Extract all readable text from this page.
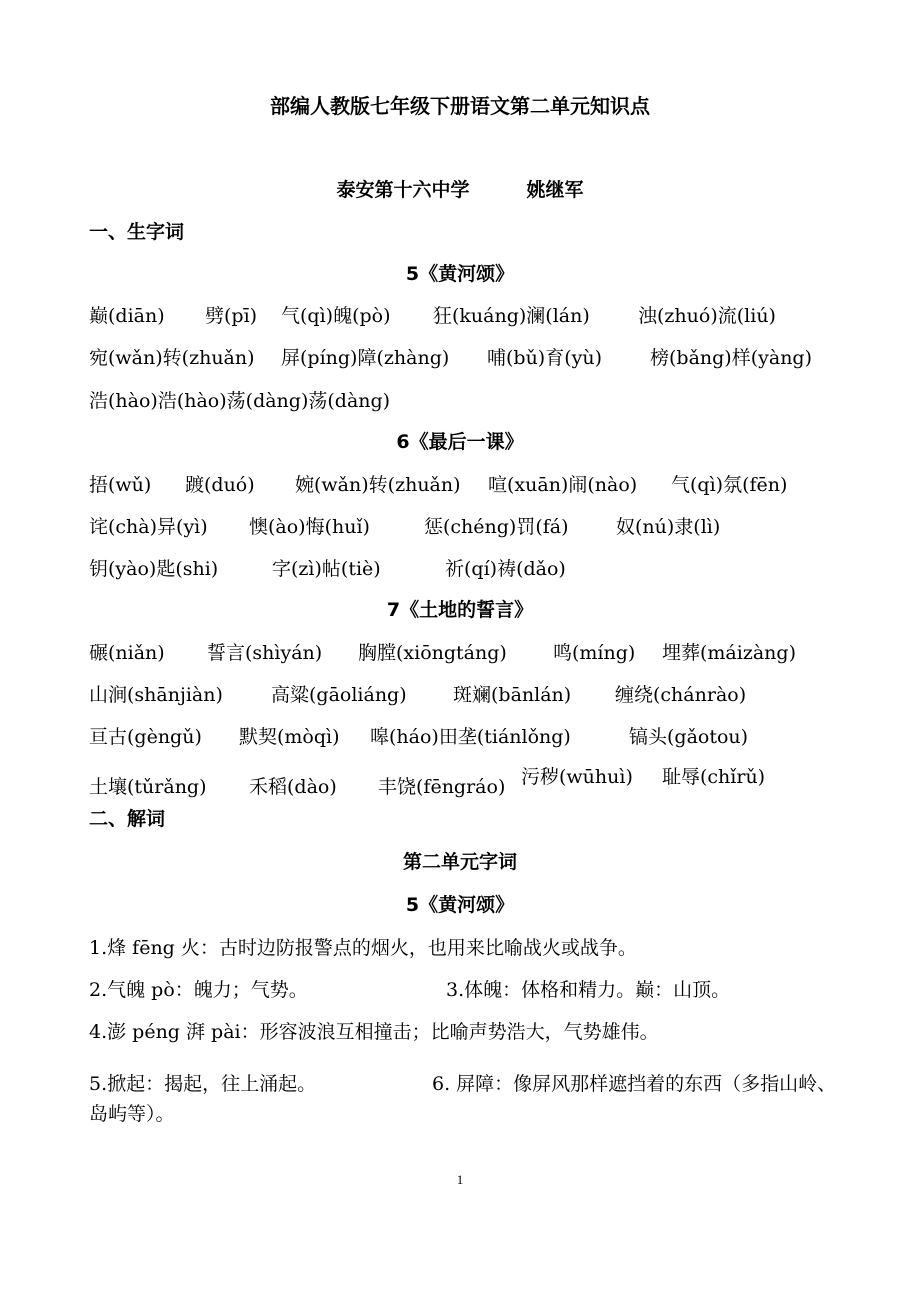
部编人教版七年级下册语文第二单元知识点
泰安第十六中学　　　姚继军
一、生字词
5《黄河颂》
巅(diān) 劈(pī) 气(qì)魄(pò) 狂(kuáng)澜(lán)	浊(zhuó)流(liú)
宛(wǎn)转(zhuǎn) 屏(píng)障(zhàng) 哺(bǔ)育(yù)	榜(bǎng)样(yàng)
浩(hào)浩(hào)荡(dàng)荡(dàng)
6《最后一课》
捂(wǔ) 踱(duó) 婉(wǎn)转(zhuǎn) 喧(xuān)闹(nào) 气(qì)氛(fēn)
诧(chà)异(yì) 懊(ào)悔(huǐ)	惩(chéng)罚(fá) 奴(nú)隶(lì)
钥(yào)匙(shi)	字(zì)帖(tiè)	祈(qí)祷(dǎo)
7《土地的誓言》
碾(niǎn) 誓言(shìyán) 胸膛(xiōngtáng) 鸣(míng) 埋葬(máizàng)
山涧(shānjiàn)	高粱(gāoliáng) 斑斓(bānlán) 缠绕(chánrào)
亘古(gèngǔ) 默契(mòqì) 嗥(háo)田垄(tiánlǒng)	镐头(gǎotou)
土壤(tǔrǎng) 禾稻(dào) 丰饶(fēngráo) 污秽(wūhuì) 耻辱(chǐrǔ)
二、解词
第二单元字词
5《黄河颂》
1.烽 fēng 火：古时边防报警点的烟火，也用来比喻战火或战争。
2.气魄 pò：魄力；气势。	3.体魄：体格和精力。巅：山顶。
4.澎 péng 湃 pài：形容波浪互相撞击；比喻声势浩大，气势雄伟。
5.掀起：揭起，往上涌起。	6. 屏障：像屏风那样遮挡着的东西（多指山岭、
岛屿等）。
1
